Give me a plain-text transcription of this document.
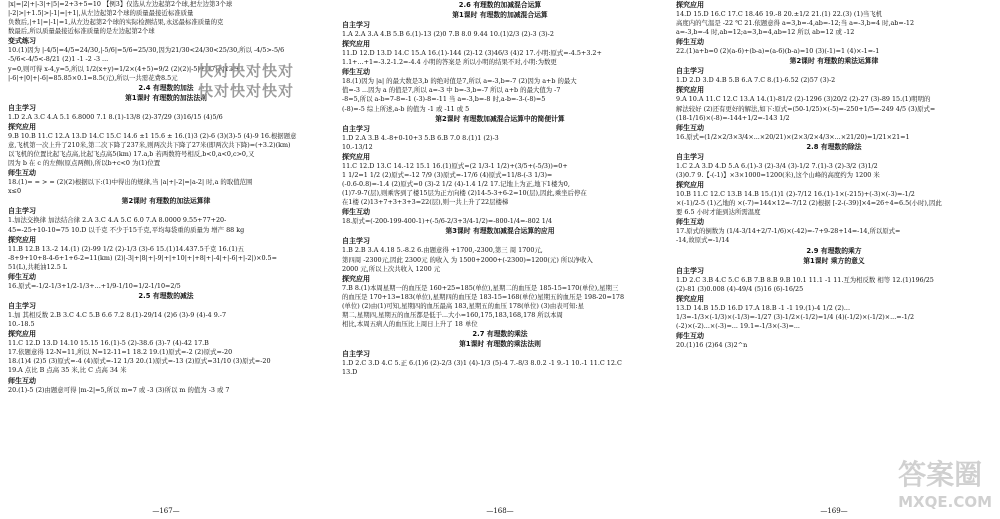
|x|=|2|+|-3|+|5|=2+3+5=10 【例3】仅选从左边起第2个球,把左边第3个球
|-2|>|+1.5|>|-1|=|+1|,从左边起第2个球的质量最接近标准质量
负数后,|+1|=|-1|=1,从左边起第2个球的实际检测结果,永远最标准质量的克
数最后,所以质量最接近标准质量的是左边起第2个球
变式练习
10.(1)因为 |-4/5|=4/5=24/30,|-5/6|=5/6=25/30,因为21/30<24/30<25/30,所以 -4/5>-5/6
-5/6<-4/5<-8/21 (2)1 -1 -2 -3 ...
y=0,则可得 x-4,y=5,所以 1/2(x+y)=1/2×(4+5)=9/2 (2)(2)|-5|+|17|+|13|+
|-6|+|0|+|-6|=85.85×0.1=8.5(元),所以一共需花费8.5元
2.4 有理数的加法
第1课时 有理数的加法法则
自主学习
1.D 2.A 3.C 4.A 5.1 6.8000 7.1 8.(1)-13/8 (2)-37/29 (3)16/15 (4)5/6
探究应用
9.B 10.B 11.C 12.A 13.D 14.C 15.C 14.6 ±1 15.6 ± 16.(1)3 (2)-6 (3)(3)-5 (4)-9 16.根据题意
意,飞机第一次上升了210米,第二次下降了237米,则两次共下降了27米(即两次共下降)=(+3.2)(km)
以飞机的位置比起飞点高,比起飞点高5(km) 17.a,b 若两数符号相反,b<0,a<0,c>0,又
因为 b 在 c 的左侧(原点两侧),所以b+c<0 为(1)位置
师生互动
18.(1)= = > = (2)(2)根据以下:(1)中得出的规律,当 |a|+|-2|=|a-2| 时,a 的取值范围
x≤0
第2课时 有理数的加法运算律
自主学习
1.加法交换律 加法结合律 2.A 3.C 4.A 5.C 6.0 7.A 8.0000 9.55+77+20-
45=-25+10-10=75 10.D 以千克 不少于15千克,平均每袋重的质量为 增产 88 kg
探究应用
11.B 12.B 13.-2 14.(1) (2)-99 1/2 (2)-1/3 (3)-6 15.(1)14.437.5千克 16.(1)五
-8+9+10+8-4-6+1+6-2=11(km) (2)|-3|+|8|+|-9|+|+10|+|+8|+|-4|+|-6|+|-2|)×0.5=
51(L),共耗油12.5 L
师生互动
16.原式=-1/2-1/3+1/2-1/3+...+1/9-1/10=1/2-1/10=2/5
2.5 有理数的减法
自主学习
1.加 其相反数 2.B 3.C 4.C 5.B 6.6 7.2 8.(1)-29/14 (2)6 (3)-9 (4)-4 9.-7
10.-18.5
探究应用
11.C 12.D 13.D 14.10 15.15 16.(1)-5 (2)-38.6 (3)-7 (4)-42 17.B
17.依题意得 12-N=11,所以 N=12-11=1 18.2 19.(1)原式=-2 (2)原式=-20
18.(1)4 (2)5 (3)原式=-4 (4)原式=-12 1/3 20.(1)原式=-13 (2)原式=31/10 (3)原式=-20
19.A 点比 B 点高 35 米,比 C 点高 34 米
师生互动
20.(1)-5 (2)由题意可得 |m-2|=5,所以 m=7 或 -3 (3)所以 m 的值为 -3 或 7
—167—
2.6 有理数的加减混合运算
第1课时 有理数的加减混合运算
自主学习
1.A 2.A 3.A 4.B 5.B 6.(1)-13 (2)0 7.B 8.0 9.44 10.(1)2/3 (2)-3 (3)-2
探究应用
11.D 12.D 13.D 14.C 15.A 16.(1)-144 (2)-12 (3)46/3 (4)2 17.小明:原式=-4.5+3.2+
1.1+...+1=-3.2-1.2=-4.4 小明的答案是 所以小明的结果不对,小明:为数更
师生互动
18.(1)因为 |a| 的最大数是3,b 的绝对值是7,所以 a=-3,b=-7 (2)因为 a+b 的最大
值=-3 ...因为 a 的值是7,所以 a=-3 中 b=-3,b=-7 所以 a+b 的最大值为 -7
-8=5,所以 a-b=7-8=-1 (-3)-8=-11 当 a=-3,b=-8 时,a-b=-3-(-8)=5
(-8)=-5 综上所述,a-b 的值为 -1 或 -11 或 5
第2课时 有理数加减混合运算中的简便计算
自主学习
1.D 2.A 3.B 4.-8+0-10+3 5.B 6.B 7.0 8.(1)1 (2)-3
10.-13/12
探究应用
11.C 12.D 13.C 14.-12 15.1 16.(1)原式=(2 1/3-1 1/2)+(3/5+(-5/3))=0+
1 1/2=1 1/2 (2)原式=-12 7/9 (3)原式=-17/6 (4)原式=11/8-(-3 1/3)=
(-0.6-0.8)=-1.4 (2)原式=0 (3)-2 1/2 (4)-1.4 1/2 17.记地上为正,地下1楼为0,
(1)7-9-7(层),则乘客到了楼15层为正方向楼 (2)14-5-3+6-2=10(层),因此,乘坐后停在
在1楼 (2)13+7+3+3+3=22(层),则一共上升了22层楼梯
师生互动
18.原式=(-200-199-400-1)+(-5/6-2/3+3/4-1/2)=-800-1/4=-802 1/4
第3课时 有理数加减混合运算的应用
自主学习
1.B 2.B 3.A 4.18 5.-8.2 6.由题意得 +1700,-2300,第三 周 1700元,
第四周 -2300元,因此 2300元 的收入 为 1500+2000+(-2300)=1200(元) 所以净收入
2000 元,所以上次共收入 1200 元
探究应用
7.B 8.(1)本周星期一的血压是 160+25=185(单位),星期二的血压是 185-15=170(单位),星期三
的血压是 170+13=183(单位),星期四的血压是 183-15=168(单位)星期五的血压是 198-20=178
(单位) (2)由(1)可知,星期四的血压最高 183,星期五的血压 178(单位) (3)由表可知:星
期二,星期四,星期五的血压都是低于...大小=160,175,183,168,178 所以本周
相比,本周五病人的血压比上周日上升了 18 单位
2.7 有理数的乘法
第1课时 有理数的乘法法则
自主学习
1.D 2.C 3.D 4.C 5.正 6.(1)6 (2)-2/3 (3)1 (4)-1/3 (5)-4 7.-8/3 8.0.2 -1 9.-1 10.-1 11.C 12.C
13.D
—168—
探究应用
14.D 15.D 16.C 17.C 18.46 19.-8 20.±1/2 21.(1) 22.(3) (1)当飞机
高度内的气温是 -22 ℃ 21.依题意得 a=3,b=-4,ab=-12;当 a=-3,b=4 时,ab=-12
a=-3,b=-4 时,ab=12;a=3,b=4,ab=12 所以 ab=12 或 -12
师生互动
22.(1)a+b=0 (2)(a-6)+(b-a)=(a-6)(b-a)=10 (3)(-1)=1 (4)×-1=-1
第2课时 有理数的乘法运算律
自主学习
1.D 2.D 3.D 4.B 5.B 6.A 7.C 8.(1)-6.52 (2)57 (3)-2
探究应用
9.A 10.A 11.C 12.C 13.A 14.(1)-81/2 (2)-1296 (3)20/2 (2)-27 (3)-89 15.(1)明明的
解法较好 (2)还有更好的解法,如下:原式=(50-1/25)×(-5)=-250+1/5=-249 4/5 (3)原式=
(18-1/16)×(-8)=-144+1/2=-143 1/2
师生互动
16.原式=(1/2×2/3×3/4×...×20/21)×(2×3/2×4/3×...×21/20)=1/21×21=1
2.8 有理数的除法
自主学习
1.C 2.A 3.D 4.D 5.A 6.(1)-3 (2)-3/4 (3)-1/2 7.(1)-3 (2)-3/2 (3)1/2
(3)0.7 9.【-(-1)】×3×1000=1200(米),这个山峰的高度约为 1200 米
探究应用
10.B 11.C 12.C 13.B 14.B 15.(1)1 (2)-7/12 16.(1)-1×(-215)+(-3)×(-3)=-1/2
×(-1)/2-5 (1)乙地的 ×(-7)=144×12=-7/12 (2)根据 [-2-(-39)]×4=26÷4=6.5(小时),因此
要 6.5 小时才能到达所需温度
师生互动
17.原式的倒数为 (1/4-3/14+2/7-1/6)×(-42)=-7+9-28+14=-14,所以原式=
-14,故原式=-1/14
2.9 有理数的乘方
第1课时 乘方的意义
自主学习
1.D 2.C 3.B 4.C 5.C 6.B 7.B 8.B 9.B 10.1 11.1 -1 11.互为相反数 相等 12.(1)196/25
(2)-81 (3)0.008 (4)-49/4 (5)16 (6)-16/25
探究应用
13.D 14.B 15.D 16.D 17.A 18.B -1 -1 19.(1)-4 1/2 (2)...
1/3=-1/3×(-1/3)×(-1/3)=-1/27 (3)-1/2×(-1/2)=1/4 (4)(-1/2)×(-1/2)×...=-1/2
(-2)×(-2)...×(-3)=... 19.1=-1/3×(-3)=...
师生互动
20.(1)16 (2)64 (3)2^n
—169—
快对快对快对
快对快对快对
答案圈
MXQE.COM
